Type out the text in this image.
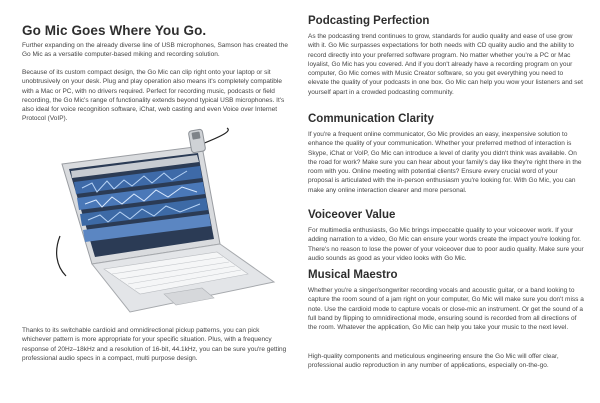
Go Mic Goes Where You Go.

Further expanding on the already diverse line of USB microphones, Samson has created the Go Mic as a versatile computer-based miking and recording solution.

Because of its custom compact design, the Go Mic can clip right onto your laptop or sit unobtrusively on your desk. Plug and play operation also means it's completely compatible with a Mac or PC, with no drivers required. Perfect for recording music, podcasts or field recording, the Go Mic's range of functionality extends beyond typical USB microphones. It's also ideal for voice recognition software, iChat, web casting and even Voice over Internet Protocol (VoIP).

Thanks to its switchable cardioid and omnidirectional pickup patterns, you can pick whichever pattern is more appropriate for your specific situation. Plus, with a frequency response of 20Hz–18kHz and a resolution of 16-bit, 44.1kHz, you can be sure you're getting professional audio specs in a compact, multi purpose design.

Podcasting Perfection

As the podcasting trend continues to grow, standards for audio quality and ease of use grow with it. Go Mic surpasses expectations for both needs with CD quality audio and the ability to record directly into your preferred software program. No matter whether you're a PC or Mac loyalist, Go Mic has you covered. And if you don't already have a recording program on your computer, Go Mic comes with Music Creator software, so you get everything you need to elevate the quality of your podcasts in one box. Go Mic can help you wow your listeners and set yourself apart in a crowded podcasting community.

Communication Clarity

If you're a frequent online communicator, Go Mic provides an easy, inexpensive solution to enhance the quality of your communication. Whether your preferred method of interaction is Skype, iChat or VoIP, Go Mic can introduce a level of clarity you didn't think was available. On the road for work? Make sure you can hear about your family's day like they're right there in the room with you. Online meeting with potential clients? Ensure every crucial word of your proposal is articulated with the in-person enthusiasm you're looking for. With Go Mic, you can make any online interaction clearer and more personal.

Voiceover Value

For multimedia enthusiasts, Go Mic brings impeccable quality to your voiceover work. If your adding narration to a video, Go Mic can ensure your words create the impact you're looking for. There's no reason to lose the power of your voiceover due to poor audio quality. Make sure your audio sounds as good as your video looks with Go Mic.

Musical Maestro

Whether you're a singer/songwriter recording vocals and acoustic guitar, or a band looking to capture the room sound of a jam right on your computer, Go Mic will make sure you don't miss a note. Use the cardioid mode to capture vocals or close-mic an instrument. Or get the sound of a full band by flipping to omnidirectional mode, ensuring sound is recorded from all directions of the room. Whatever the application, Go Mic can help you take your music to the next level.

High-quality components and meticulous engineering ensure the Go Mic will offer clear, professional audio reproduction in any number of applications, especially on-the-go.
